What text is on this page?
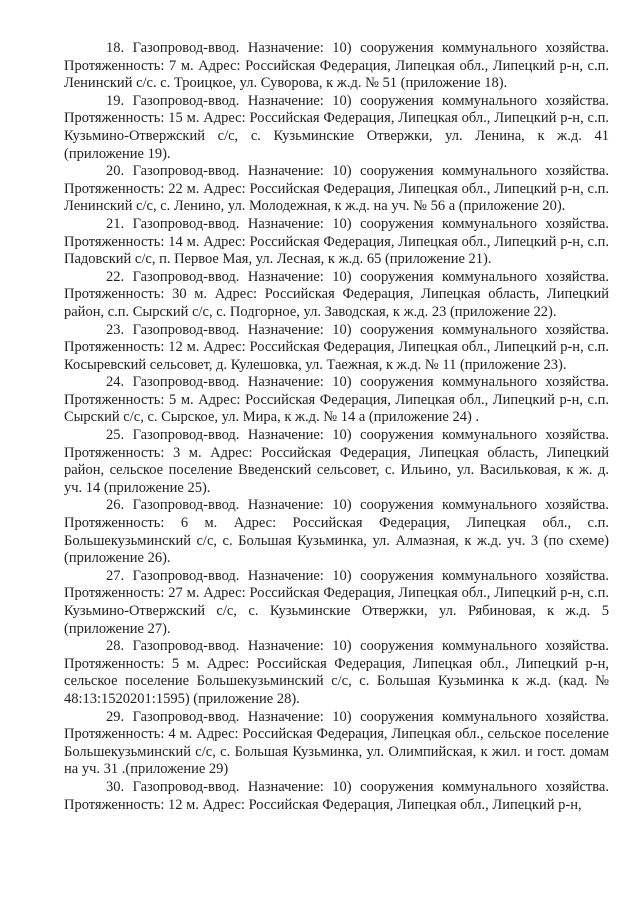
18. Газопровод-ввод. Назначение: 10) сооружения коммунального хозяйства. Протяженность: 7 м. Адрес: Российская Федерация, Липецкая обл., Липецкий р-н, с.п. Ленинский с/с. с. Троицкое, ул. Суворова, к ж.д. № 51 (приложение 18).

19. Газопровод-ввод. Назначение: 10) сооружения коммунального хозяйства. Протяженность: 15 м. Адрес: Российская Федерация, Липецкая обл., Липецкий р-н, с.п. Кузьмино-Отвержский с/с, с. Кузьминские Отвержки, ул. Ленина, к ж.д. 41 (приложение 19).

20. Газопровод-ввод. Назначение: 10) сооружения коммунального хозяйства. Протяженность: 22 м. Адрес: Российская Федерация, Липецкая обл., Липецкий р-н, с.п. Ленинский с/с, с. Ленино, ул. Молодежная, к ж.д. на уч. № 56 а (приложение 20).

21. Газопровод-ввод. Назначение: 10) сооружения коммунального хозяйства. Протяженность: 14 м. Адрес: Российская Федерация, Липецкая обл., Липецкий р-н, с.п. Падовский с/с, п. Первое Мая, ул. Лесная, к ж.д. 65 (приложение 21).

22. Газопровод-ввод. Назначение: 10) сооружения коммунального хозяйства. Протяженность: 30 м. Адрес: Российская Федерация, Липецкая область, Липецкий район, с.п. Сырский с/с, с. Подгорное, ул. Заводская, к ж.д. 23 (приложение 22).

23. Газопровод-ввод. Назначение: 10) сооружения коммунального хозяйства. Протяженность: 12 м. Адрес: Российская Федерация, Липецкая обл., Липецкий р-н, с.п. Косыревский сельсовет, д. Кулешовка, ул. Таежная, к ж.д. № 11 (приложение 23).

24. Газопровод-ввод. Назначение: 10) сооружения коммунального хозяйства. Протяженность: 5 м. Адрес: Российская Федерация, Липецкая обл., Липецкий р-н, с.п. Сырский с/с, с. Сырское, ул. Мира, к ж.д. № 14 а (приложение 24) .

25. Газопровод-ввод. Назначение: 10) сооружения коммунального хозяйства. Протяженность: 3 м. Адрес: Российская Федерация, Липецкая область, Липецкий район, сельское поселение Введенский сельсовет, с. Ильино, ул. Васильковая, к ж. д. уч. 14 (приложение 25).

26. Газопровод-ввод. Назначение: 10) сооружения коммунального хозяйства. Протяженность: 6 м. Адрес: Российская Федерация, Липецкая обл., с.п. Большекузьминский с/с, с. Большая Кузьминка, ул. Алмазная, к ж.д. уч. 3 (по схеме) (приложение 26).

27. Газопровод-ввод. Назначение: 10) сооружения коммунального хозяйства. Протяженность: 27 м. Адрес: Российская Федерация, Липецкая обл., Липецкий р-н, с.п. Кузьмино-Отвержский с/с, с. Кузьминские Отвержки, ул. Рябиновая, к ж.д. 5 (приложение 27).

28. Газопровод-ввод. Назначение: 10) сооружения коммунального хозяйства. Протяженность: 5 м. Адрес: Российская Федерация, Липецкая обл., Липецкий р-н, сельское поселение Большекузьминский с/с, с. Большая Кузьминка к ж.д. (кад. № 48:13:1520201:1595) (приложение 28).

29. Газопровод-ввод. Назначение: 10) сооружения коммунального хозяйства. Протяженность: 4 м. Адрес: Российская Федерация, Липецкая обл., сельское поселение Большекузьминский с/с, с. Большая Кузьминка, ул. Олимпийская, к жил. и гост. домам на уч. 31 .(приложение 29)

30. Газопровод-ввод. Назначение: 10) сооружения коммунального хозяйства. Протяженность: 12 м. Адрес: Российская Федерация, Липецкая обл., Липецкий р-н,
